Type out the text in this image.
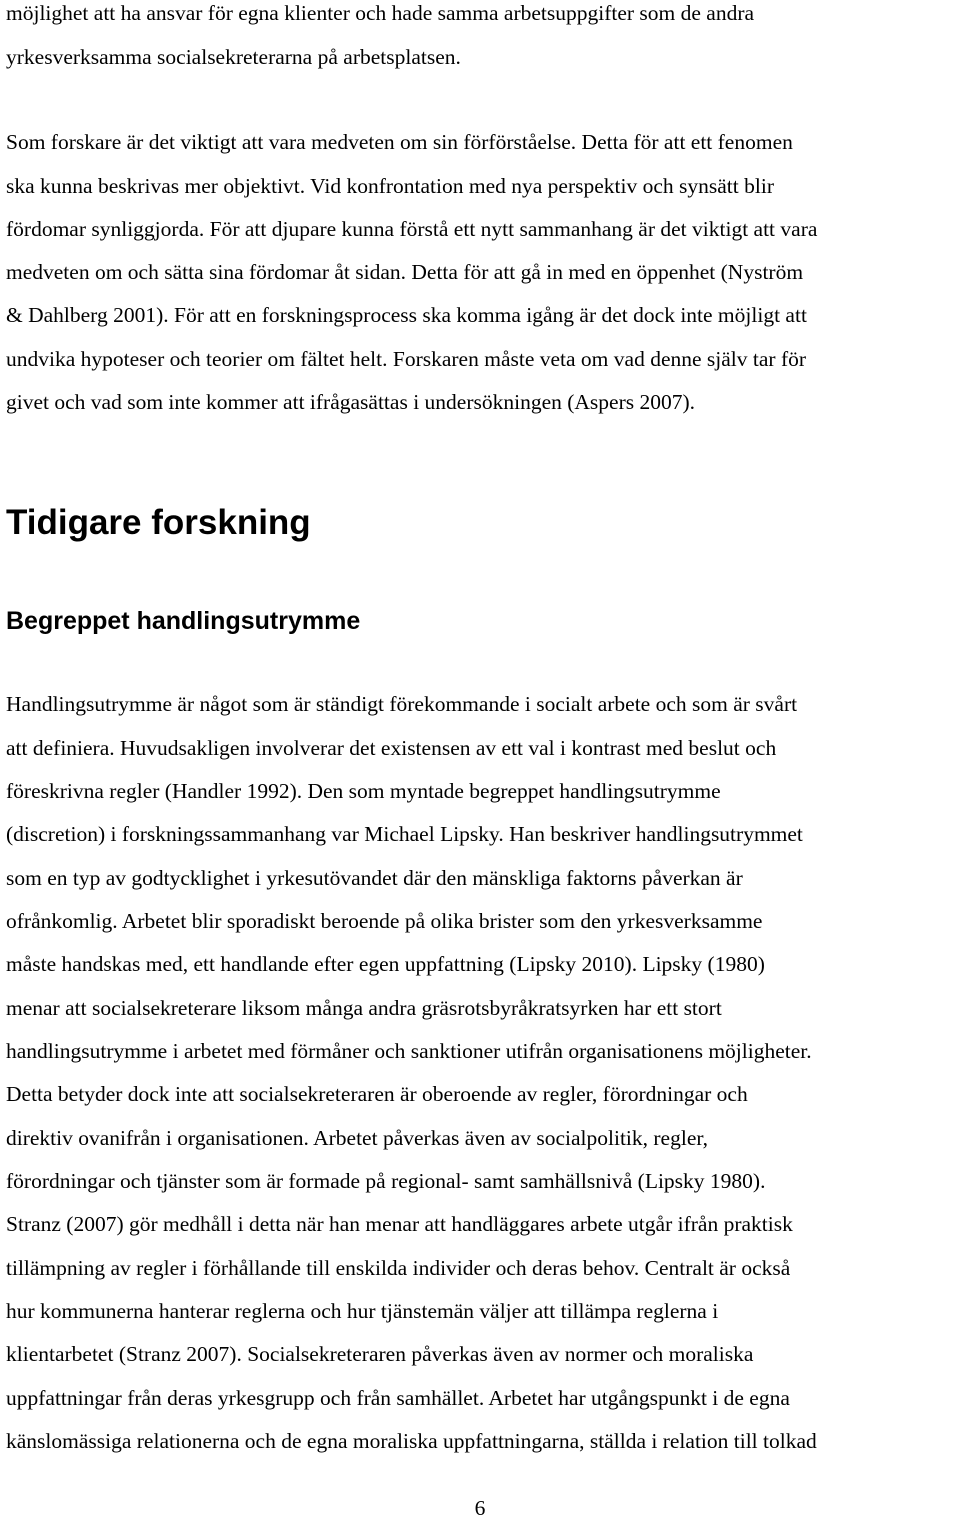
möjlighet att ha ansvar för egna klienter och hade samma arbetsuppgifter som de andra
yrkesverksamma socialsekreterarna på arbetsplatsen.
Som forskare är det viktigt att vara medveten om sin förförståelse. Detta för att ett fenomen
ska kunna beskrivas mer objektivt. Vid konfrontation med nya perspektiv och synsätt blir
fördomar synliggjorda. För att djupare kunna förstå ett nytt sammanhang är det viktigt att vara
medveten om och sätta sina fördomar åt sidan. Detta för att gå in med en öppenhet (Nyström
& Dahlberg 2001). För att en forskningsprocess ska komma igång är det dock inte möjligt att
undvika hypoteser och teorier om fältet helt. Forskaren måste veta om vad denne själv tar för
givet och vad som inte kommer att ifrågasättas i undersökningen (Aspers 2007).
Tidigare forskning
Begreppet handlingsutrymme
Handlingsutrymme är något som är ständigt förekommande i socialt arbete och som är svårt
att definiera. Huvudsakligen involverar det existensen av ett val i kontrast med beslut och
föreskrivna regler (Handler 1992). Den som myntade begreppet handlingsutrymme
(discretion) i forskningssammanhang var Michael Lipsky. Han beskriver handlingsutrymmet
som en typ av godtycklighet i yrkesutövandet där den mänskliga faktorns påverkan är
ofrånkomlig. Arbetet blir sporadiskt beroende på olika brister som den yrkesverksamme
måste handskas med, ett handlande efter egen uppfattning (Lipsky 2010). Lipsky (1980)
menar att socialsekreterare liksom många andra gräsrotsbyråkratsyrken har ett stort
handlingsutrymme i arbetet med förmåner och sanktioner utifrån organisationens möjligheter.
Detta betyder dock inte att socialsekreteraren är oberoende av regler, förordningar och
direktiv ovanifrån i organisationen. Arbetet påverkas även av socialpolitik, regler,
förordningar och tjänster som är formade på regional- samt samhällsnivå (Lipsky 1980).
Stranz (2007) gör medhåll i detta när han menar att handläggares arbete utgår ifrån praktisk
tillämpning av regler i förhållande till enskilda individer och deras behov. Centralt är också
hur kommunerna hanterar reglerna och hur tjänstemän väljer att tillämpa reglerna i
klientarbetet (Stranz 2007). Socialsekreteraren påverkas även av normer och moraliska
uppfattningar från deras yrkesgrupp och från samhället. Arbetet har utgångspunkt i de egna
känslomässiga relationerna och de egna moraliska uppfattningarna, ställda i relation till tolkad
6
